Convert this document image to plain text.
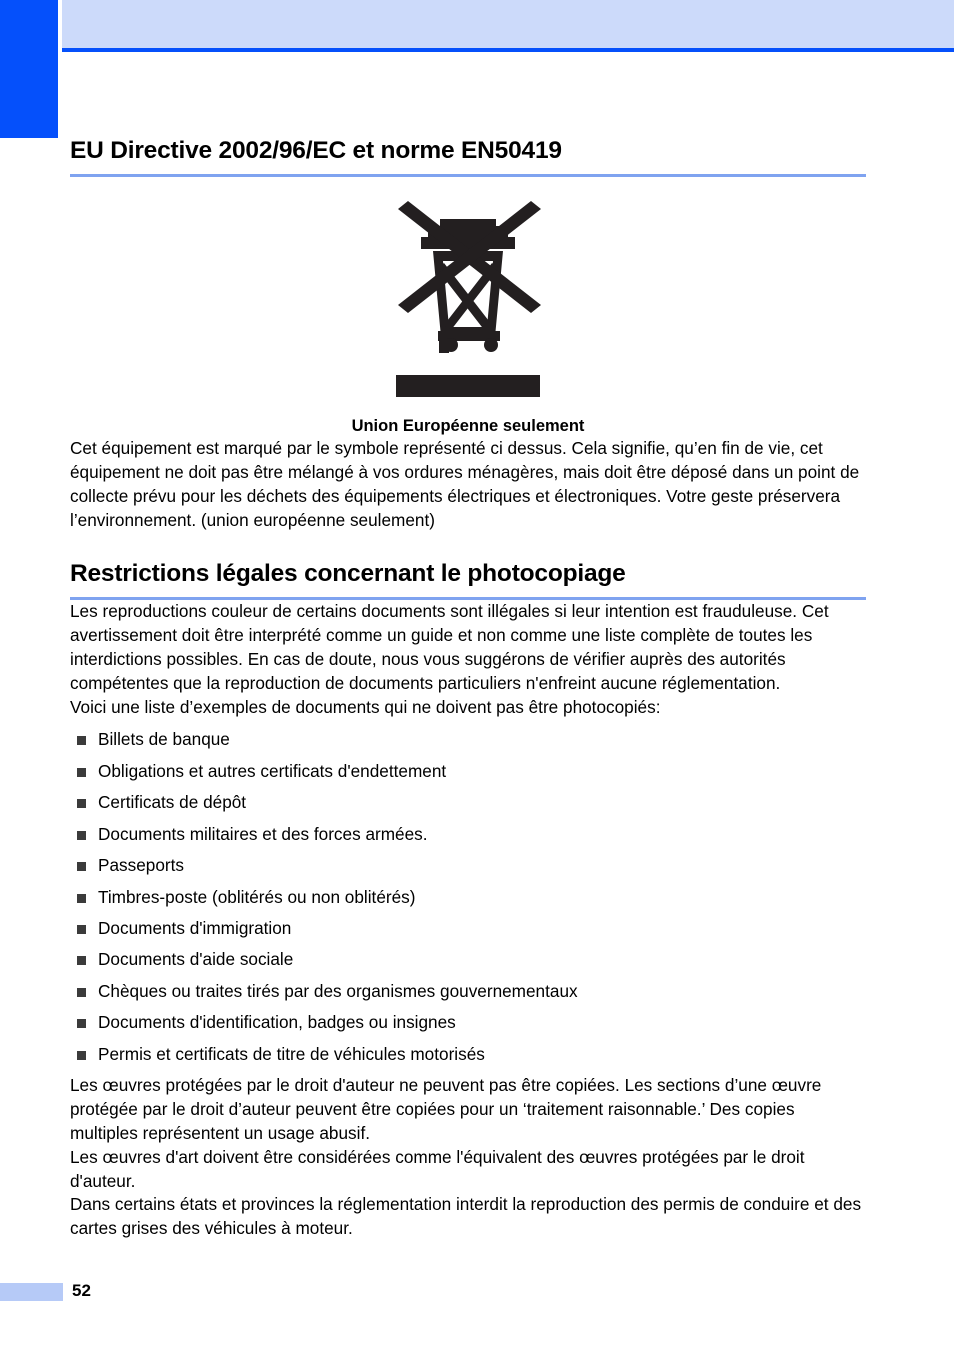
EU Directive 2002/96/EC et norme EN50419
Union Européenne seulement

Cet équipement est marqué par le symbole représenté ci dessus. Cela signifie, qu’en fin de vie, cet équipement ne doit pas être mélangé à vos ordures ménagères, mais doit être déposé dans un point de collecte prévu pour les déchets des équipements électriques et électroniques. Votre geste préservera l’environnement. (union européenne seulement)

Restrictions légales concernant le photocopiage

Les reproductions couleur de certains documents sont illégales si leur intention est frauduleuse. Cet avertissement doit être interprété comme un guide et non comme une liste complète de toutes les interdictions possibles. En cas de doute, nous vous suggérons de vérifier auprès des autorités compétentes que la reproduction de documents particuliers n'enfreint aucune réglementation.

Voici une liste d’exemples de documents qui ne doivent pas être photocopiés:

Billets de banque
Obligations et autres certificats d'endettement
Certificats de dépôt
Documents militaires et des forces armées.
Passeports
Timbres-poste (oblitérés ou non oblitérés)
Documents d'immigration
Documents d'aide sociale
Chèques ou traites tirés par des organismes gouvernementaux
Documents d'identification, badges ou insignes
Permis et certificats de titre de véhicules motorisés

Les œuvres protégées par le droit d'auteur ne peuvent pas être copiées. Les sections d’une œuvre protégée par le droit d’auteur peuvent être copiées pour un ‘traitement raisonnable.’ Des copies multiples représentent un usage abusif.

Les œuvres d'art doivent être considérées comme l'équivalent des œuvres protégées par le droit d'auteur.

Dans certains états et provinces la réglementation interdit la reproduction des permis de conduire et des cartes grises des véhicules à moteur.

52
